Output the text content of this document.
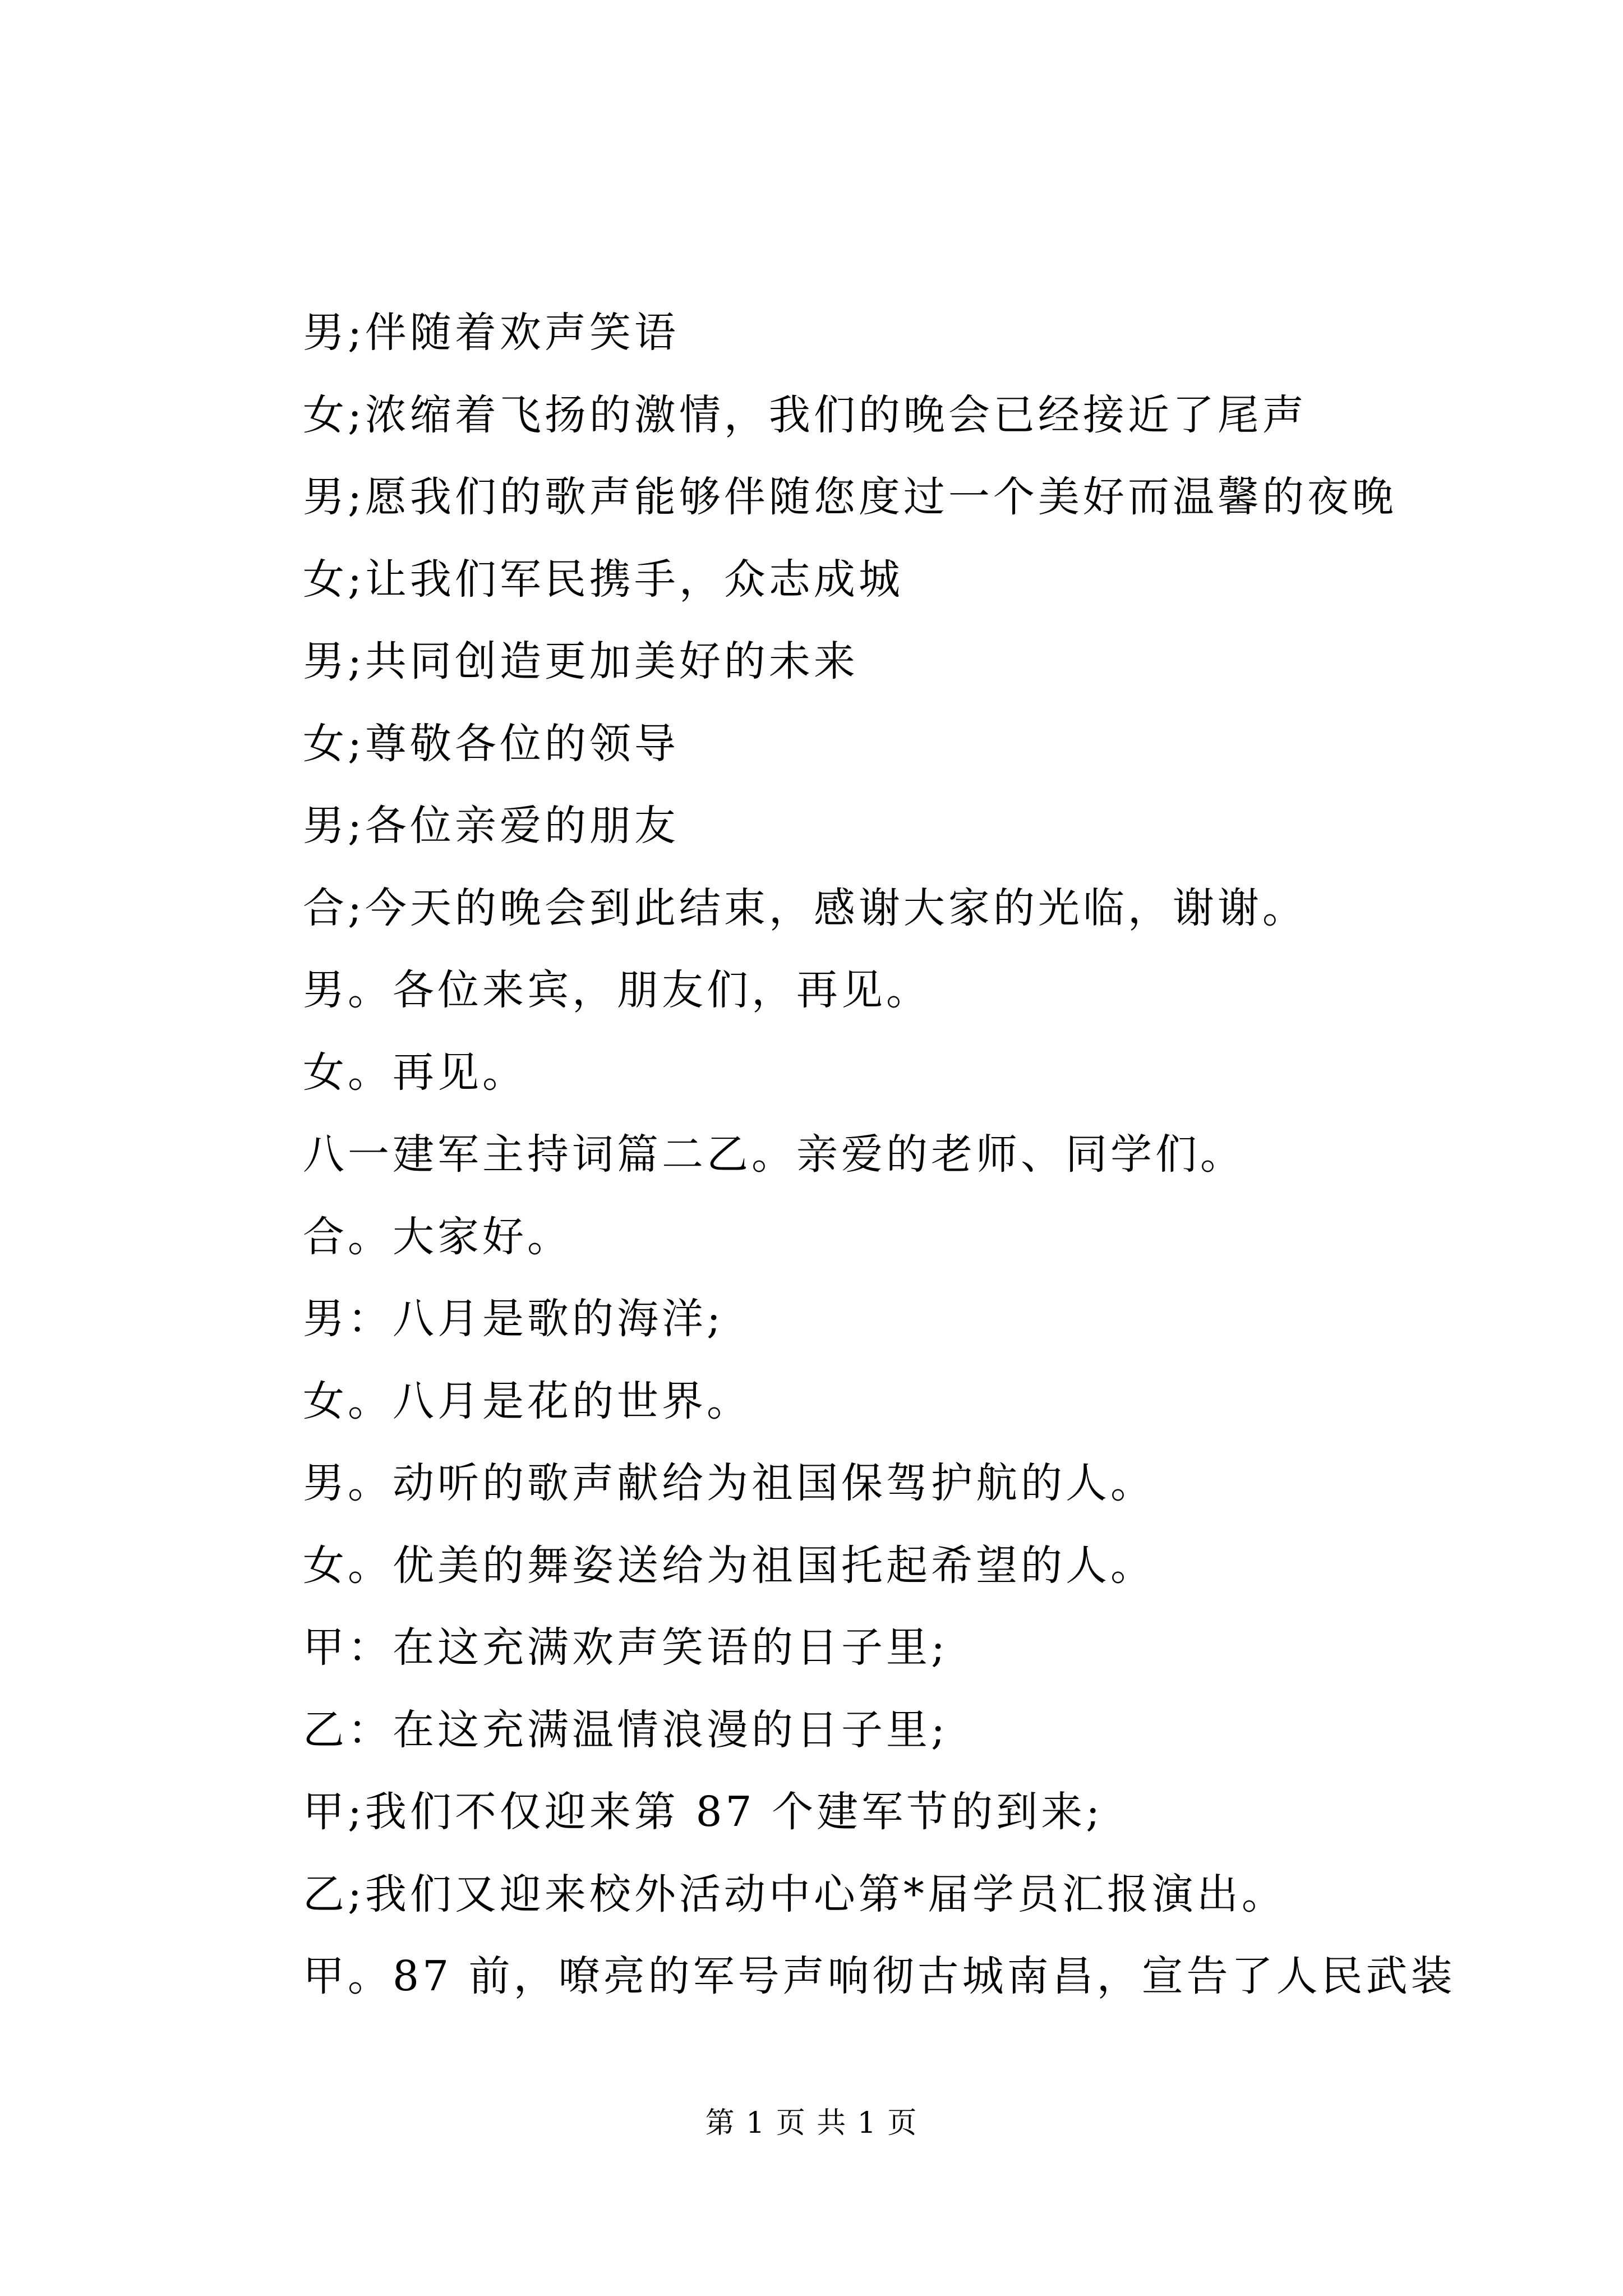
男;伴随着欢声笑语
女;浓缩着飞扬的激情，我们的晚会已经接近了尾声
男;愿我们的歌声能够伴随您度过一个美好而温馨的夜晚
女;让我们军民携手，众志成城
男;共同创造更加美好的未来
女;尊敬各位的领导
男;各位亲爱的朋友
合;今天的晚会到此结束，感谢大家的光临，谢谢。
男。各位来宾，朋友们，再见。
女。再见。
八一建军主持词篇二乙。亲爱的老师、同学们。
合。大家好。
男：八月是歌的海洋;
女。八月是花的世界。
男。动听的歌声献给为祖国保驾护航的人。
女。优美的舞姿送给为祖国托起希望的人。
甲：在这充满欢声笑语的日子里;
乙：在这充满温情浪漫的日子里;
甲;我们不仅迎来第 87 个建军节的到来;
乙;我们又迎来校外活动中心第*届学员汇报演出。
甲。87 前，嘹亮的军号声响彻古城南昌，宣告了人民武装
第 1 页 共 1 页
